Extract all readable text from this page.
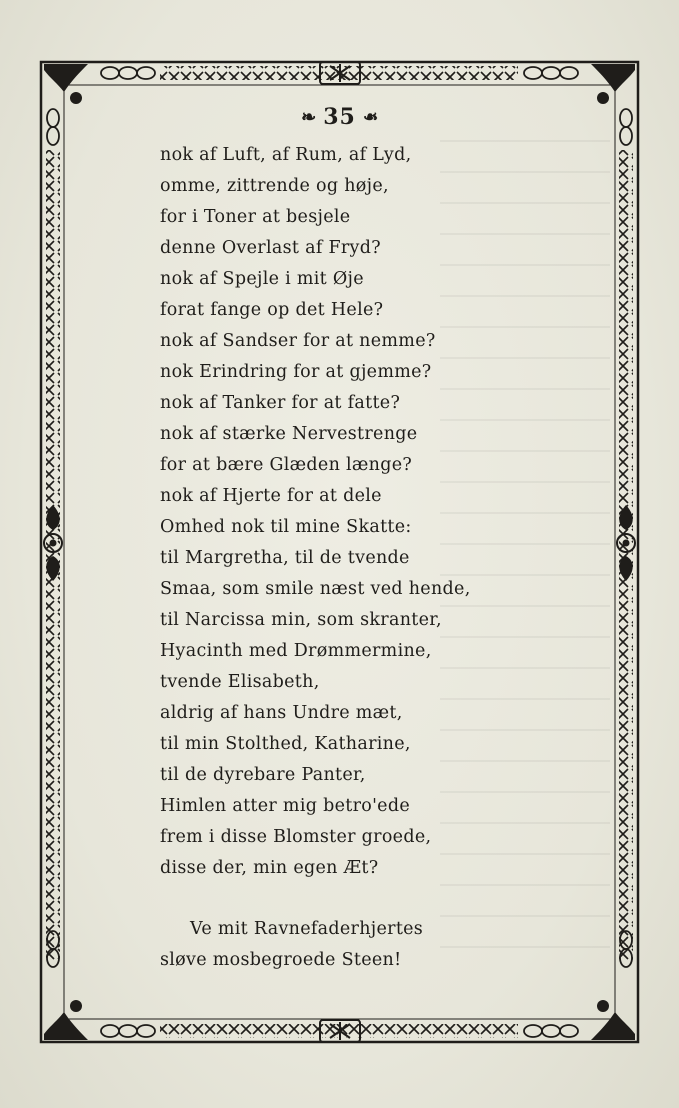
❧ 35 ❧
nok af Luft, af Rum, af Lyd,
omme, zittrende og høje,
for i Toner at besjele
denne Overlast af Fryd?
nok af Spejle i mit Øje
forat fange op det Hele?
nok af Sandser for at nemme?
nok Erindring for at gjemme?
nok af Tanker for at fatte?
nok af stærke Nervestrenge
for at bære Glæden længe?
nok af Hjerte for at dele
Omhed nok til mine Skatte:
til Margretha, til de tvende
Smaa, som smile næst ved hende,
til Narcissa min, som skranter,
Hyacinth med Drømmermine,
tvende Elisabeth,
aldrig af hans Undre mæt,
til min Stolthed, Katharine,
til de dyrebare Panter,
Himlen atter mig betro'ede
frem i disse Blomster groede,
disse der, min egen Æt?
Ve mit Ravnefaderhjertes
sløve mosbegroede Steen!
